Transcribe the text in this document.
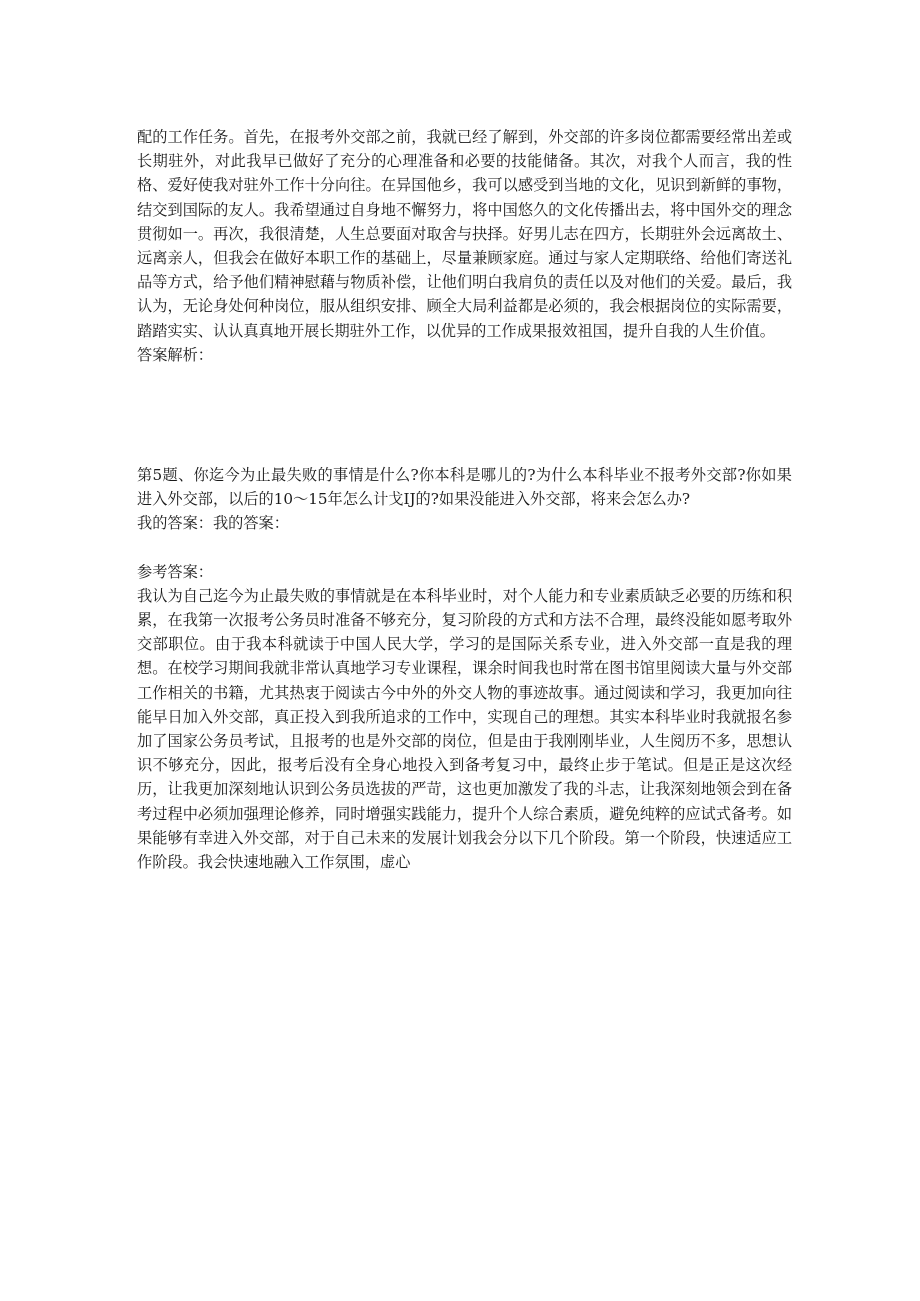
配的工作任务。首先，在报考外交部之前，我就已经了解到，外交部的许多岗位都需要经常出差或长期驻外，对此我早已做好了充分的心理准备和必要的技能储备。其次，对我个人而言，我的性格、爱好使我对驻外工作十分向往。在异国他乡，我可以感受到当地的文化，见识到新鲜的事物，结交到国际的友人。我希望通过自身地不懈努力，将中国悠久的文化传播出去，将中国外交的理念贯彻如一。再次，我很清楚，人生总要面对取舍与抉择。好男儿志在四方，长期驻外会远离故土、远离亲人，但我会在做好本职工作的基础上，尽量兼顾家庭。通过与家人定期联络、给他们寄送礼品等方式，给予他们精神慰藉与物质补偿，让他们明白我肩负的责任以及对他们的关爱。最后，我认为，无论身处何种岗位，服从组织安排、顾全大局利益都是必须的，我会根据岗位的实际需要，踏踏实实、认认真真地开展长期驻外工作，以优异的工作成果报效祖国，提升自我的人生价值。

答案解析：

第5题、你迄今为止最失败的事情是什么?你本科是哪儿的?为什么本科毕业不报考外交部?你如果进入外交部，以后的10〜15年怎么计戈IJ的?如果没能进入外交部，将来会怎么办?

我的答案：我的答案：

参考答案：

我认为自己迄今为止最失败的事情就是在本科毕业时，对个人能力和专业素质缺乏必要的历练和积累，在我第一次报考公务员时准备不够充分，复习阶段的方式和方法不合理，最终没能如愿考取外交部职位。由于我本科就读于中国人民大学，学习的是国际关系专业，进入外交部一直是我的理想。在校学习期间我就非常认真地学习专业课程，课余时间我也时常在图书馆里阅读大量与外交部工作相关的书籍，尤其热衷于阅读古今中外的外交人物的事迹故事。通过阅读和学习，我更加向往能早日加入外交部，真正投入到我所追求的工作中，实现自己的理想。其实本科毕业时我就报名参加了国家公务员考试，且报考的也是外交部的岗位，但是由于我刚刚毕业，人生阅历不多，思想认识不够充分，因此，报考后没有全身心地投入到备考复习中，最终止步于笔试。但是正是这次经历，让我更加深刻地认识到公务员选拔的严苛，这也更加激发了我的斗志，让我深刻地领会到在备考过程中必须加强理论修养，同时增强实践能力，提升个人综合素质，避免纯粹的应试式备考。如果能够有幸进入外交部，对于自己未来的发展计划我会分以下几个阶段。第一个阶段，快速适应工作阶段。我会快速地融入工作氛围，虚心
